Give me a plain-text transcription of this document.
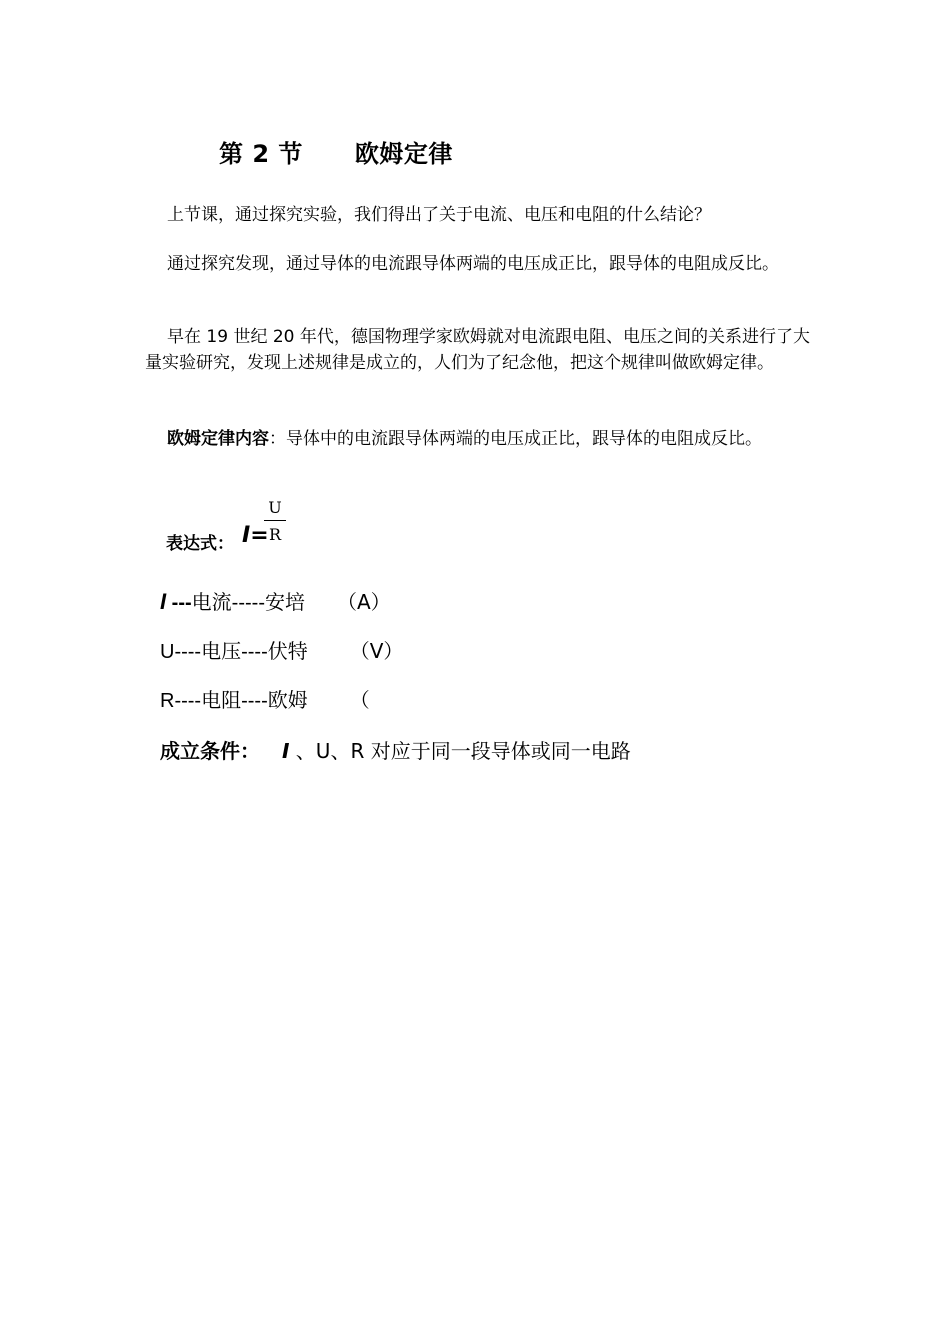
第 2 节 欧姆定律
上节课，通过探究实验，我们得出了关于电流、电压和电阻的什么结论？
通过探究发现，通过导体的电流跟导体两端的电压成正比，跟导体的电阻成反比。
早在 19 世纪 20 年代，德国物理学家欧姆就对电流跟电阻、电压之间的关系进行了大量实验研究，发现上述规律是成立的，人们为了纪念他，把这个规律叫做欧姆定律。
欧姆定律内容：导体中的电流跟导体两端的电压成正比，跟导体的电阻成反比。
表达式： I=
U
R
I ---电流-----安培 （A）
U----电压----伏特 （V）
R----电阻----欧姆 （
成立条件： I 、U、R 对应于同一段导体或同一电路
